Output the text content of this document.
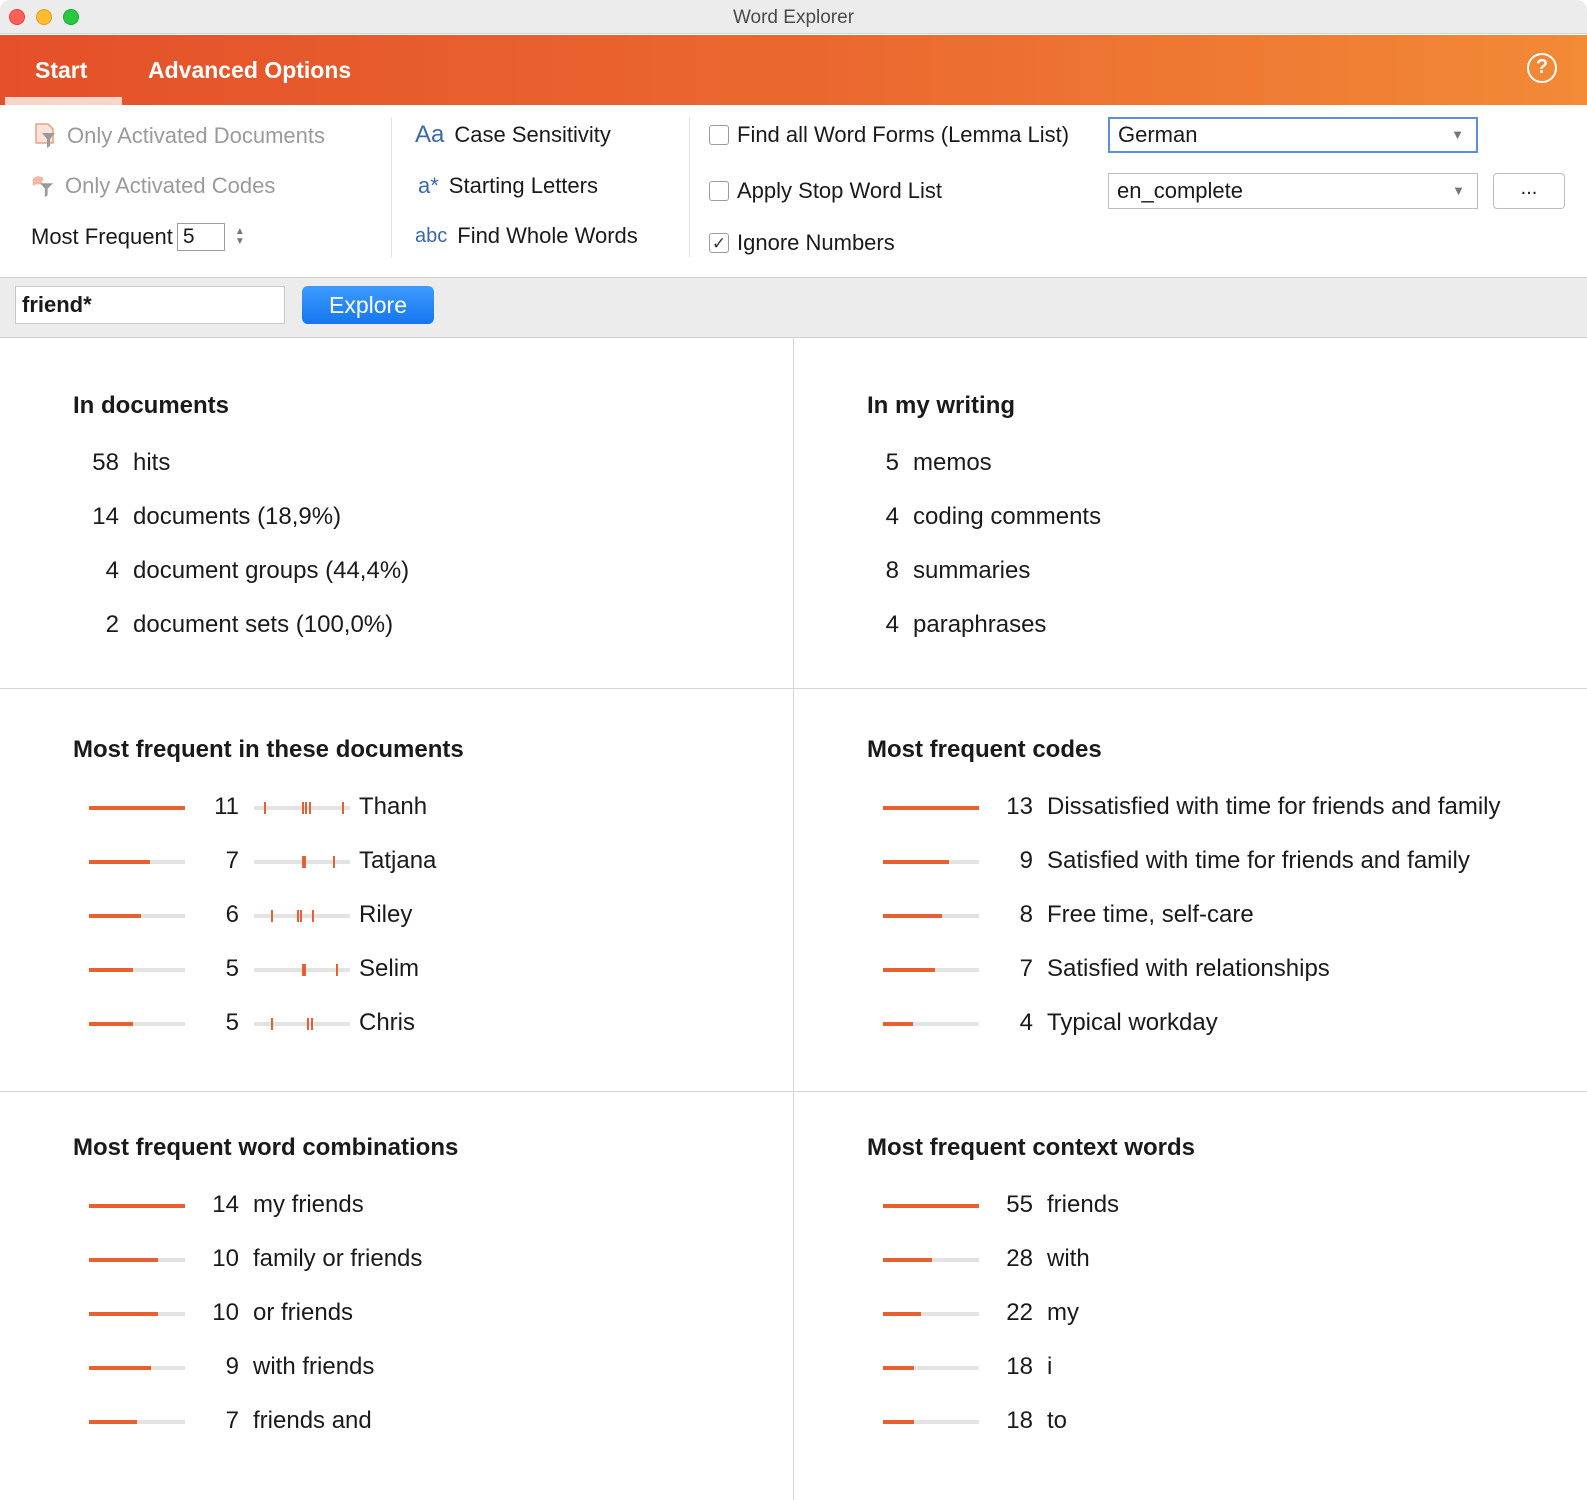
Word Explorer
Start	Advanced Options	?
Only Activated Documents
Only Activated Codes
Most Frequent 5	▲
▼
Aa Case Sensitivity
a* Starting Letters
abc Find Whole Words
Find all Word Forms (Lemma List)
Apply Stop Word List
✓ Ignore Numbers
German	▼
en_complete	▼	...
friend*	Explore
In documents
58 hits
14 documents (18,9%)
4 document groups (44,4%)
2 document sets (100,0%)
In my writing
5 memos
4 coding comments
8 summaries
4 paraphrases
Most frequent in these documents
11	Thanh
7	Tatjana
6	Riley
5	Selim
5	Chris
Most frequent codes
13 Dissatisfied with time for friends and family
9 Satisfied with time for friends and family
8 Free time, self-care
7 Satisfied with relationships
4 Typical workday
Most frequent word combinations
14 my friends
10 family or friends
10 or friends
9 with friends
7 friends and
Most frequent context words
55 friends
28 with
22 my
18 i
18 to
